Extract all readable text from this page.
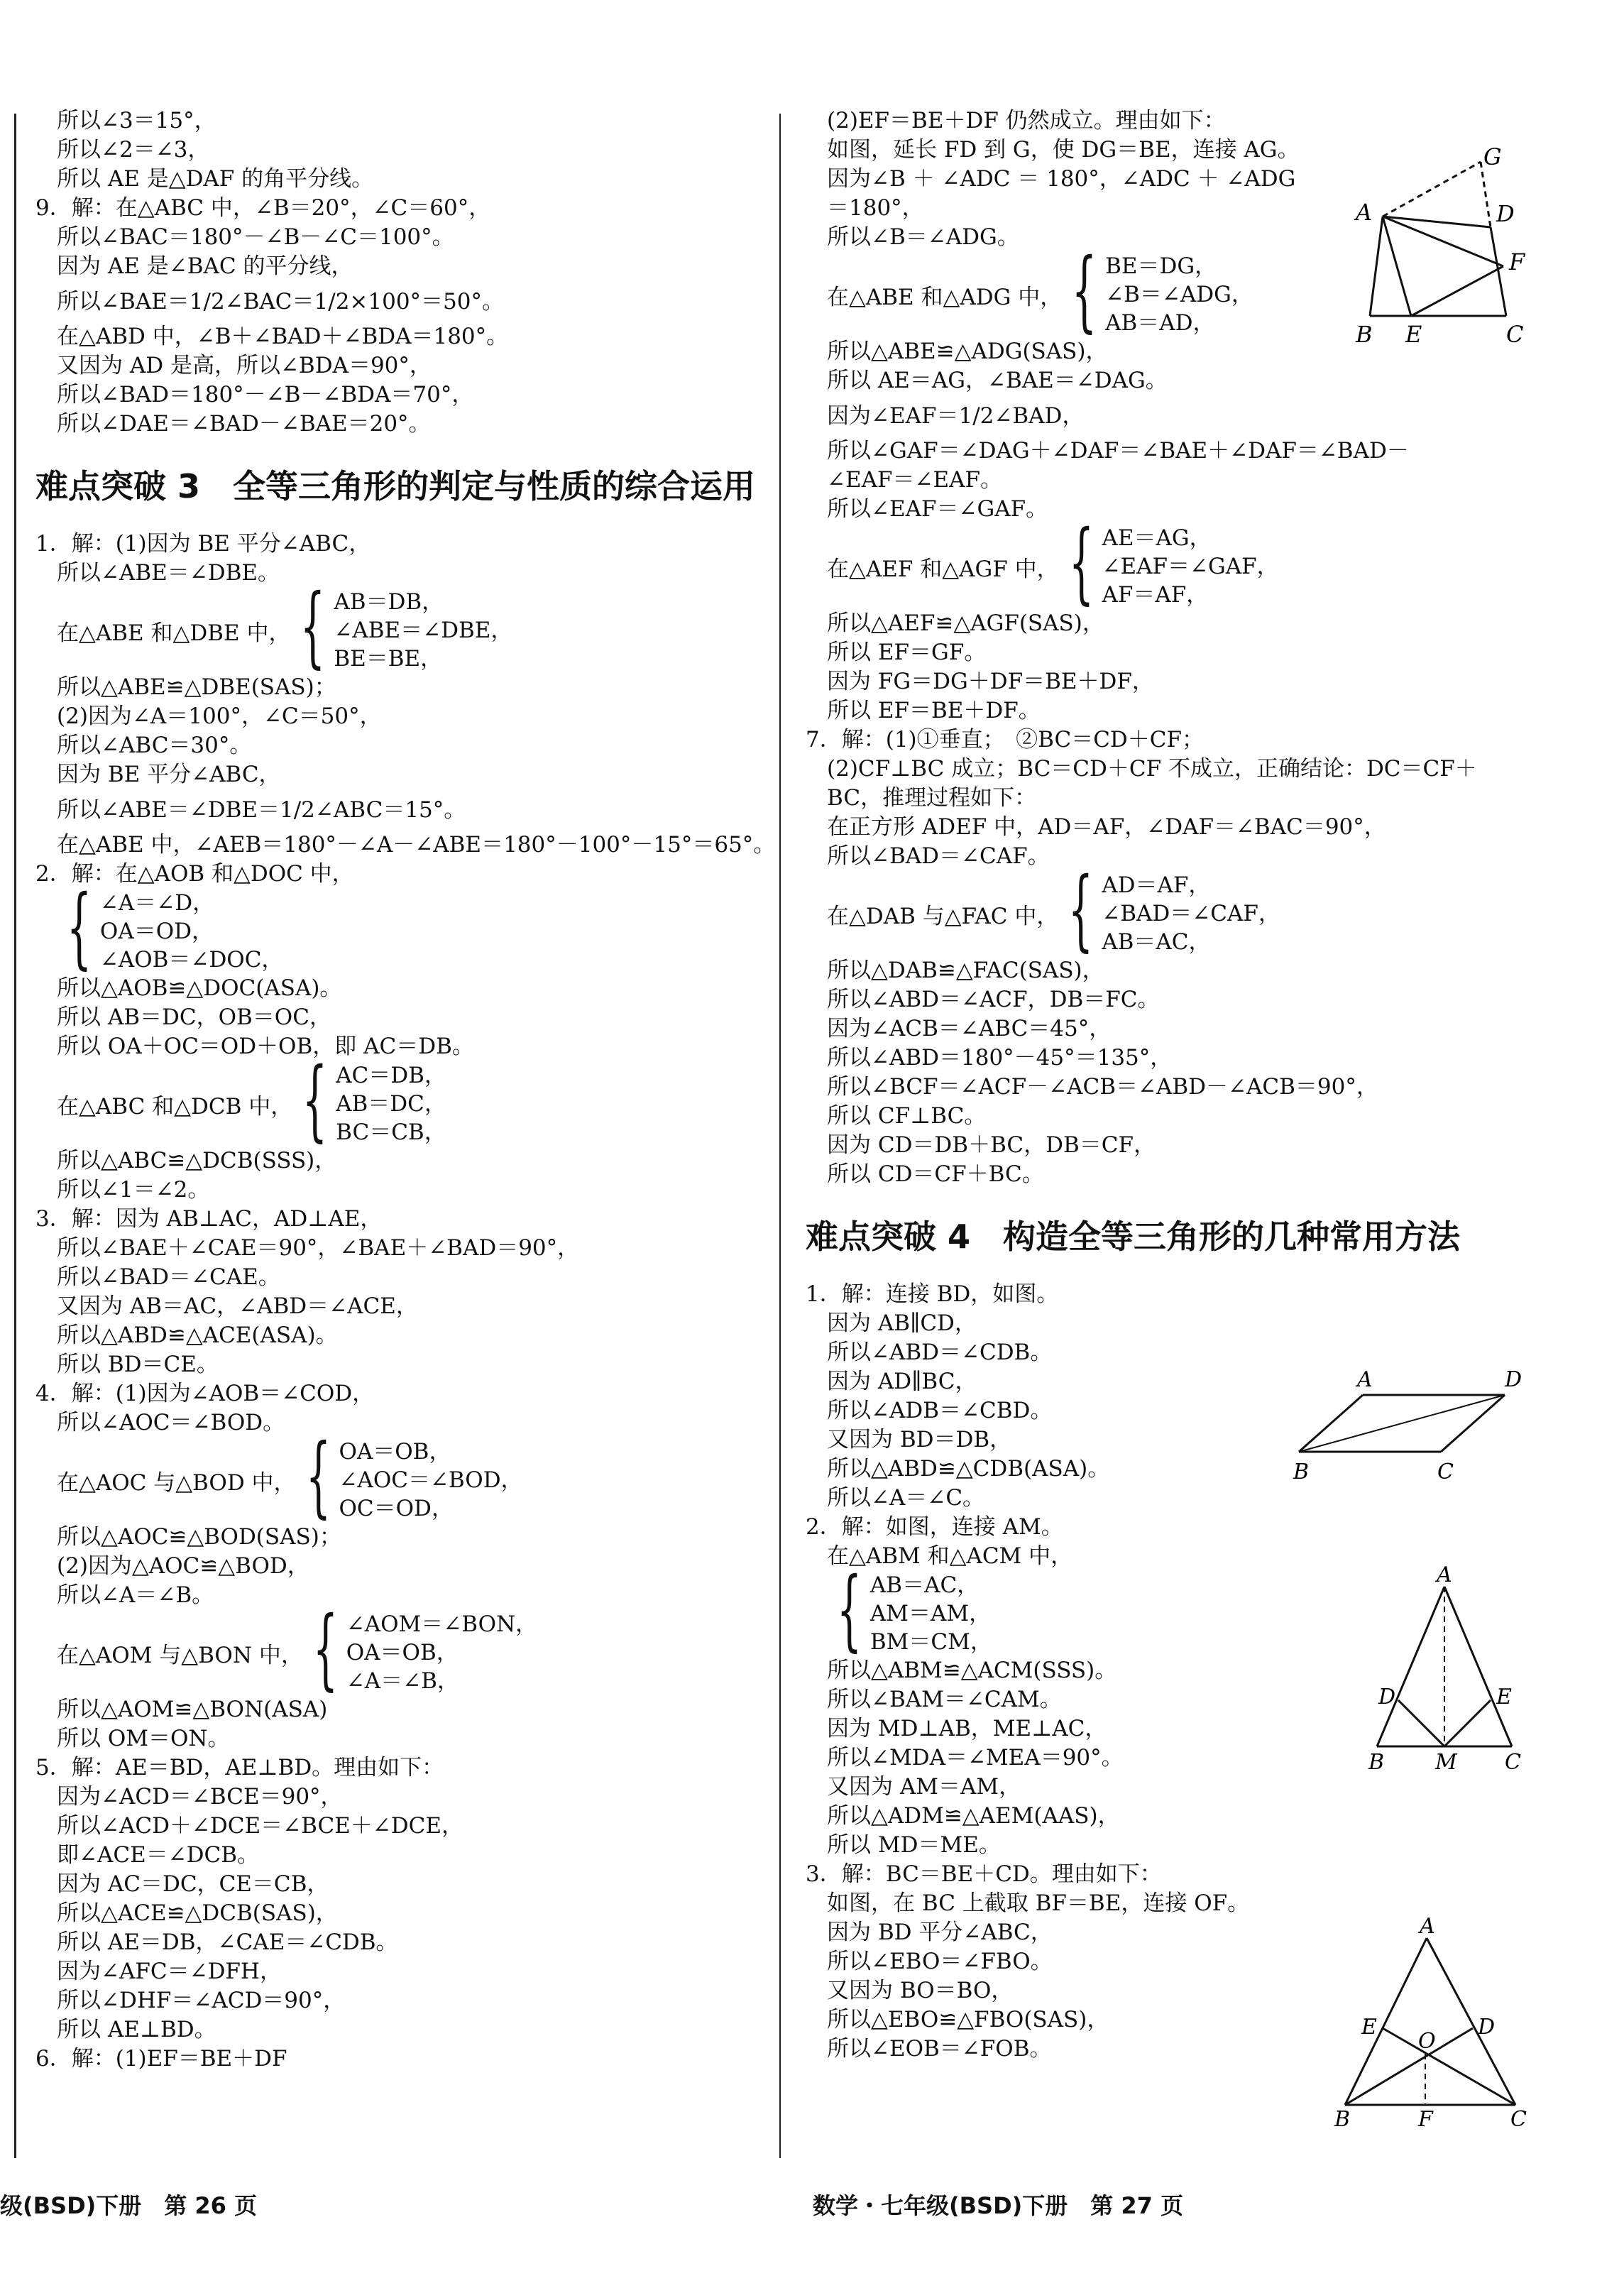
所以∠3＝15°，
所以∠2＝∠3，
所以 AE 是△DAF 的角平分线。
9．解：在△ABC 中，∠B＝20°，∠C＝60°，
所以∠BAC＝180°－∠B－∠C＝100°。
因为 AE 是∠BAC 的平分线，
所以∠BAE＝1/2∠BAC＝1/2×100°＝50°。
在△ABD 中，∠B＋∠BAD＋∠BDA＝180°。
又因为 AD 是高，所以∠BDA＝90°，
所以∠BAD＝180°－∠B－∠BDA＝70°，
所以∠DAE＝∠BAD－∠BAE＝20°。
难点突破 3　全等三角形的判定与性质的综合运用
1．解：(1)因为 BE 平分∠ABC，
所以∠ABE＝∠DBE。
在△ABE 和△DBE 中， { AB＝DB，
∠ABE＝∠DBE，
BE＝BE，
所以△ABE≌△DBE(SAS)；
(2)因为∠A＝100°，∠C＝50°，
所以∠ABC＝30°。
因为 BE 平分∠ABC，
所以∠ABE＝∠DBE＝1/2∠ABC＝15°。
在△ABE 中，∠AEB＝180°－∠A－∠ABE＝180°－100°－15°＝65°。
2．解：在△AOB 和△DOC 中，
{ ∠A＝∠D，
OA＝OD，
∠AOB＝∠DOC，
所以△AOB≌△DOC(ASA)。
所以 AB＝DC，OB＝OC，
所以 OA＋OC＝OD＋OB，即 AC＝DB。
在△ABC 和△DCB 中， { AC＝DB，
AB＝DC，
BC＝CB，
所以△ABC≌△DCB(SSS)，
所以∠1＝∠2。
3．解：因为 AB⊥AC，AD⊥AE，
所以∠BAE＋∠CAE＝90°，∠BAE＋∠BAD＝90°，
所以∠BAD＝∠CAE。
又因为 AB＝AC，∠ABD＝∠ACE，
所以△ABD≌△ACE(ASA)。
所以 BD＝CE。
4．解：(1)因为∠AOB＝∠COD，
所以∠AOC＝∠BOD。
在△AOC 与△BOD 中， { OA＝OB，
∠AOC＝∠BOD，
OC＝OD，
所以△AOC≌△BOD(SAS)；
(2)因为△AOC≌△BOD，
所以∠A＝∠B。
在△AOM 与△BON 中， { ∠AOM＝∠BON，
OA＝OB，
∠A＝∠B，
所以△AOM≌△BON(ASA)
所以 OM＝ON。
5．解：AE＝BD，AE⊥BD。理由如下：
因为∠ACD＝∠BCE＝90°，
所以∠ACD＋∠DCE＝∠BCE＋∠DCE，
即∠ACE＝∠DCB。
因为 AC＝DC，CE＝CB，
所以△ACE≌△DCB(SAS)，
所以 AE＝DB，∠CAE＝∠CDB。
因为∠AFC＝∠DFH，
所以∠DHF＝∠ACD＝90°，
所以 AE⊥BD。
6．解：(1)EF＝BE＋DF
(2)EF＝BE＋DF 仍然成立。理由如下：
如图，延长 FD 到 G，使 DG＝BE，连接 AG。
因为∠B ＋ ∠ADC ＝ 180°，∠ADC ＋ ∠ADG
＝180°，
所以∠B＝∠ADG。
在△ABE 和△ADG 中， { BE＝DG，
∠B＝∠ADG，
AB＝AD，
所以△ABE≌△ADG(SAS)，
所以 AE＝AG，∠BAE＝∠DAG。
因为∠EAF＝1/2∠BAD，
所以∠GAF＝∠DAG＋∠DAF＝∠BAE＋∠DAF＝∠BAD－
∠EAF＝∠EAF。
所以∠EAF＝∠GAF。
在△AEF 和△AGF 中， { AE＝AG，
∠EAF＝∠GAF，
AF＝AF，
所以△AEF≌△AGF(SAS)，
所以 EF＝GF。
因为 FG＝DG＋DF＝BE＋DF，
所以 EF＝BE＋DF。
7．解：(1)①垂直；　②BC＝CD＋CF；
(2)CF⊥BC 成立；BC＝CD＋CF 不成立，正确结论：DC＝CF＋
BC，推理过程如下：
在正方形 ADEF 中，AD＝AF，∠DAF＝∠BAC＝90°，
所以∠BAD＝∠CAF。
在△DAB 与△FAC 中， { AD＝AF，
∠BAD＝∠CAF，
AB＝AC，
所以△DAB≌△FAC(SAS)，
所以∠ABD＝∠ACF，DB＝FC。
因为∠ACB＝∠ABC＝45°，
所以∠ABD＝180°－45°＝135°，
所以∠BCF＝∠ACF－∠ACB＝∠ABD－∠ACB＝90°，
所以 CF⊥BC。
因为 CD＝DB＋BC，DB＝CF，
所以 CD＝CF＋BC。
难点突破 4　构造全等三角形的几种常用方法
1．解：连接 BD，如图。
因为 AB∥CD，
所以∠ABD＝∠CDB。
因为 AD∥BC，
所以∠ADB＝∠CBD。
又因为 BD＝DB，
所以△ABD≌△CDB(ASA)。
所以∠A＝∠C。
2．解：如图，连接 AM。
在△ABM 和△ACM 中，
{ AB＝AC，
AM＝AM，
BM＝CM，
所以△ABM≌△ACM(SSS)。
所以∠BAM＝∠CAM。
因为 MD⊥AB，ME⊥AC，
所以∠MDA＝∠MEA＝90°。
又因为 AM＝AM，
所以△ADM≌△AEM(AAS)，
所以 MD＝ME。
3．解：BC＝BE＋CD。理由如下：
如图，在 BC 上截取 BF＝BE，连接 OF。
因为 BD 平分∠ABC，
所以∠EBO＝∠FBO。
又因为 BO＝BO，
所以△EBO≌△FBO(SAS)，
所以∠EOB＝∠FOB。
G
A	D
F
B E	C
A	D
B	C
A
D	E
B M C
A
E	D
O
B	F	C
级(BSD)下册　第 26 页	数学・七年级(BSD)下册　第 27 页
